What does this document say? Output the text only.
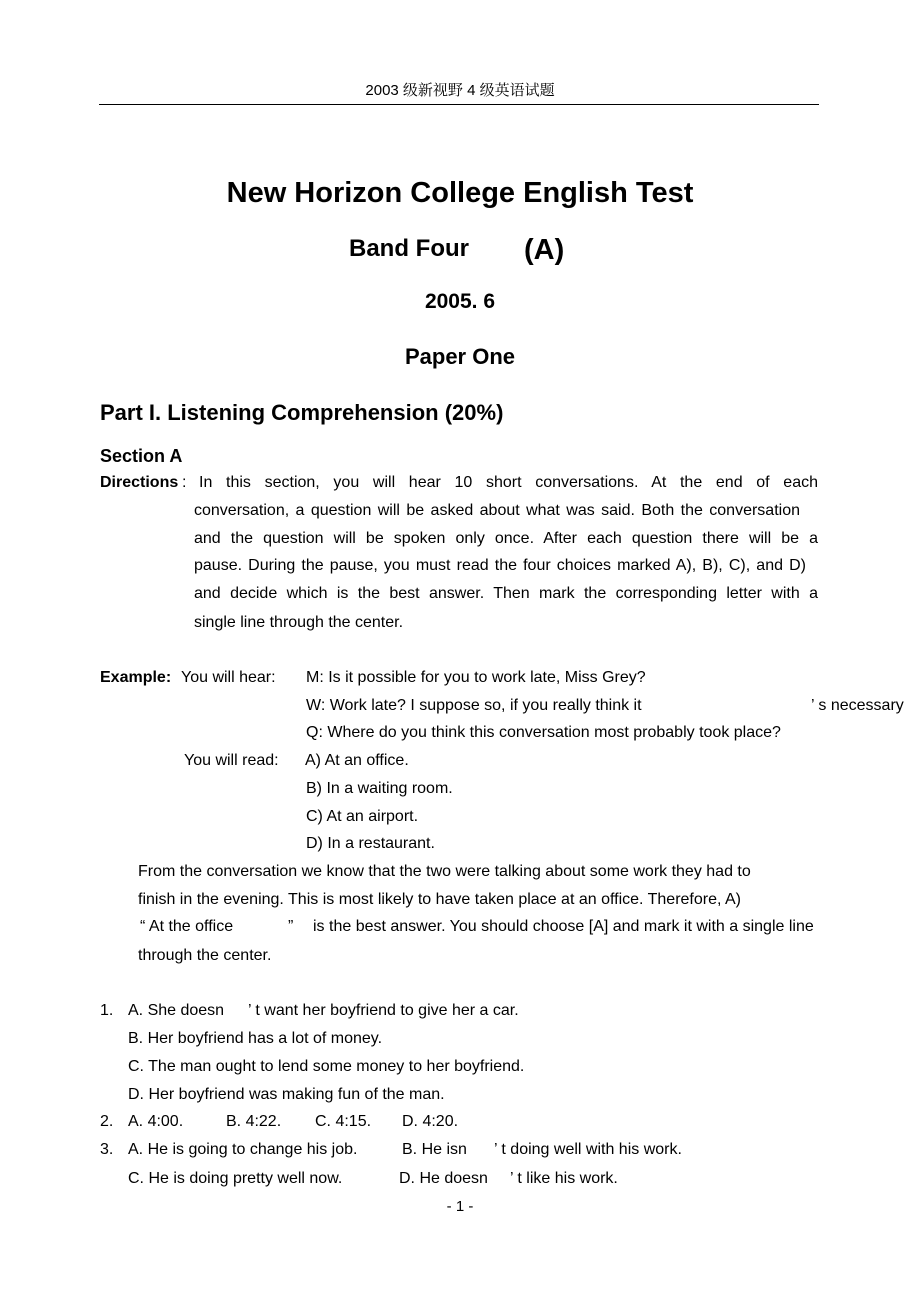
2003 级新视野 4 级英语试题
New Horizon College English Test
Band Four (A)
2005. 6
Paper One
Part I. Listening Comprehension (20%)
Section A
Directions : In this section, you will hear 10 short conversations. At the end of each
conversation, a question will be asked about what was said. Both the conversation
and the question will be spoken only once. After each question there will be a
pause. During the pause, you must read the four choices marked A), B), C), and D)
and decide which is the best answer. Then mark the corresponding letter with a
single line through the center.
Example: You will hear: M: Is it possible for you to work late, Miss Grey?
W: Work late? I suppose so, if you really think it	’ s necessary
Q: Where do you think this conversation most probably took place?
You will read: A) At an office.
B) In a waiting room.
C) At an airport.
D) In a restaurant.
From the conversation we know that the two were talking about some work they had to
finish in the evening. This is most likely to have taken place at an office. Therefore, A)
“ At the office	” is the best answer. You should choose [A] and mark it with a single line
through the center.
1. A. She doesn ’ t want her boyfriend to give her a car.
B. Her boyfriend has a lot of money.
C. The man ought to lend some money to her boyfriend.
D. Her boyfriend was making fun of the man.
2. A. 4:00.	B. 4:22. C. 4:15. D. 4:20.
3. A. He is going to change his job.	B. He isn ’ t doing well with his work.
C. He is doing pretty well now.	D. He doesn ’ t like his work.
- 1 -
